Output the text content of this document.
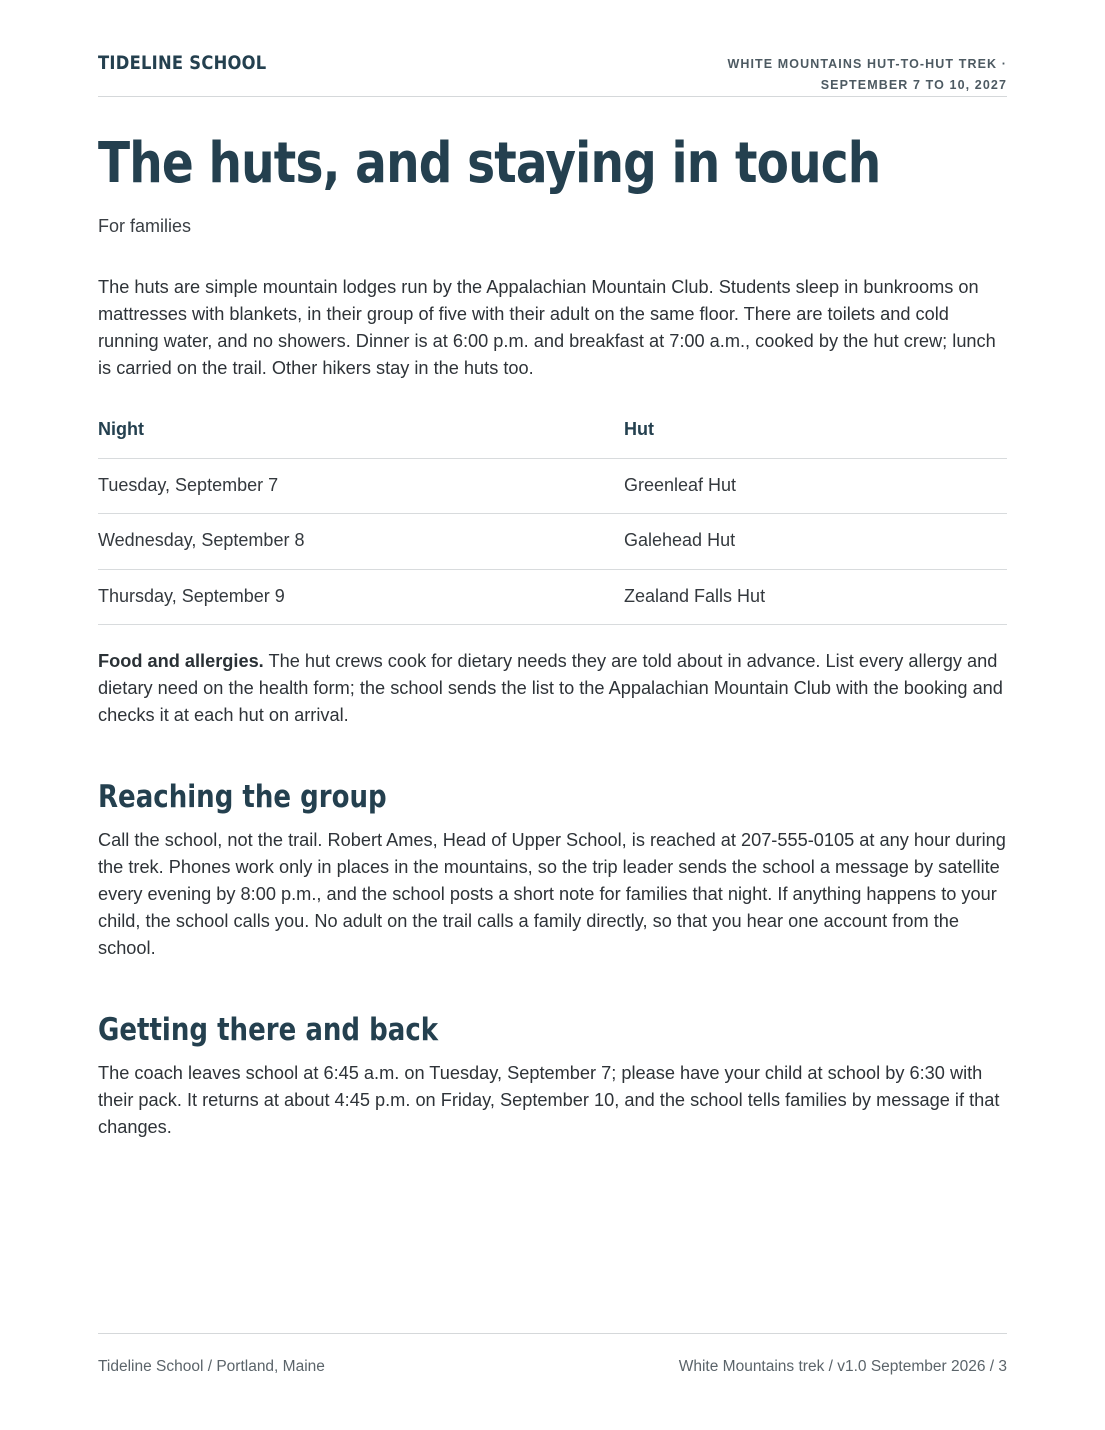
TIDELINE SCHOOL	WHITE MOUNTAINS HUT-TO-HUT TREK ·
SEPTEMBER 7 TO 10, 2027
The huts, and staying in touch
For families

The huts are simple mountain lodges run by the Appalachian Mountain Club. Students sleep in bunkrooms on mattresses with blankets, in their group of five with their adult on the same floor. There are toilets and cold running water, and no showers. Dinner is at 6:00 p.m. and breakfast at 7:00 a.m., cooked by the hut crew; lunch is carried on the trail. Other hikers stay in the huts too.

Night	Hut
Tuesday, September 7	Greenleaf Hut
Wednesday, September 8	Galehead Hut
Thursday, September 9	Zealand Falls Hut

Food and allergies. The hut crews cook for dietary needs they are told about in advance. List every allergy and dietary need on the health form; the school sends the list to the Appalachian Mountain Club with the booking and checks it at each hut on arrival.

Reaching the group

Call the school, not the trail. Robert Ames, Head of Upper School, is reached at 207-555-0105 at any hour during the trek. Phones work only in places in the mountains, so the trip leader sends the school a message by satellite every evening by 8:00 p.m., and the school posts a short note for families that night. If anything happens to your child, the school calls you. No adult on the trail calls a family directly, so that you hear one account from the school.

Getting there and back

The coach leaves school at 6:45 a.m. on Tuesday, September 7; please have your child at school by 6:30 with their pack. It returns at about 4:45 p.m. on Friday, September 10, and the school tells families by message if that changes.

Tideline School / Portland, Maine	White Mountains trek / v1.0 September 2026 / 3
